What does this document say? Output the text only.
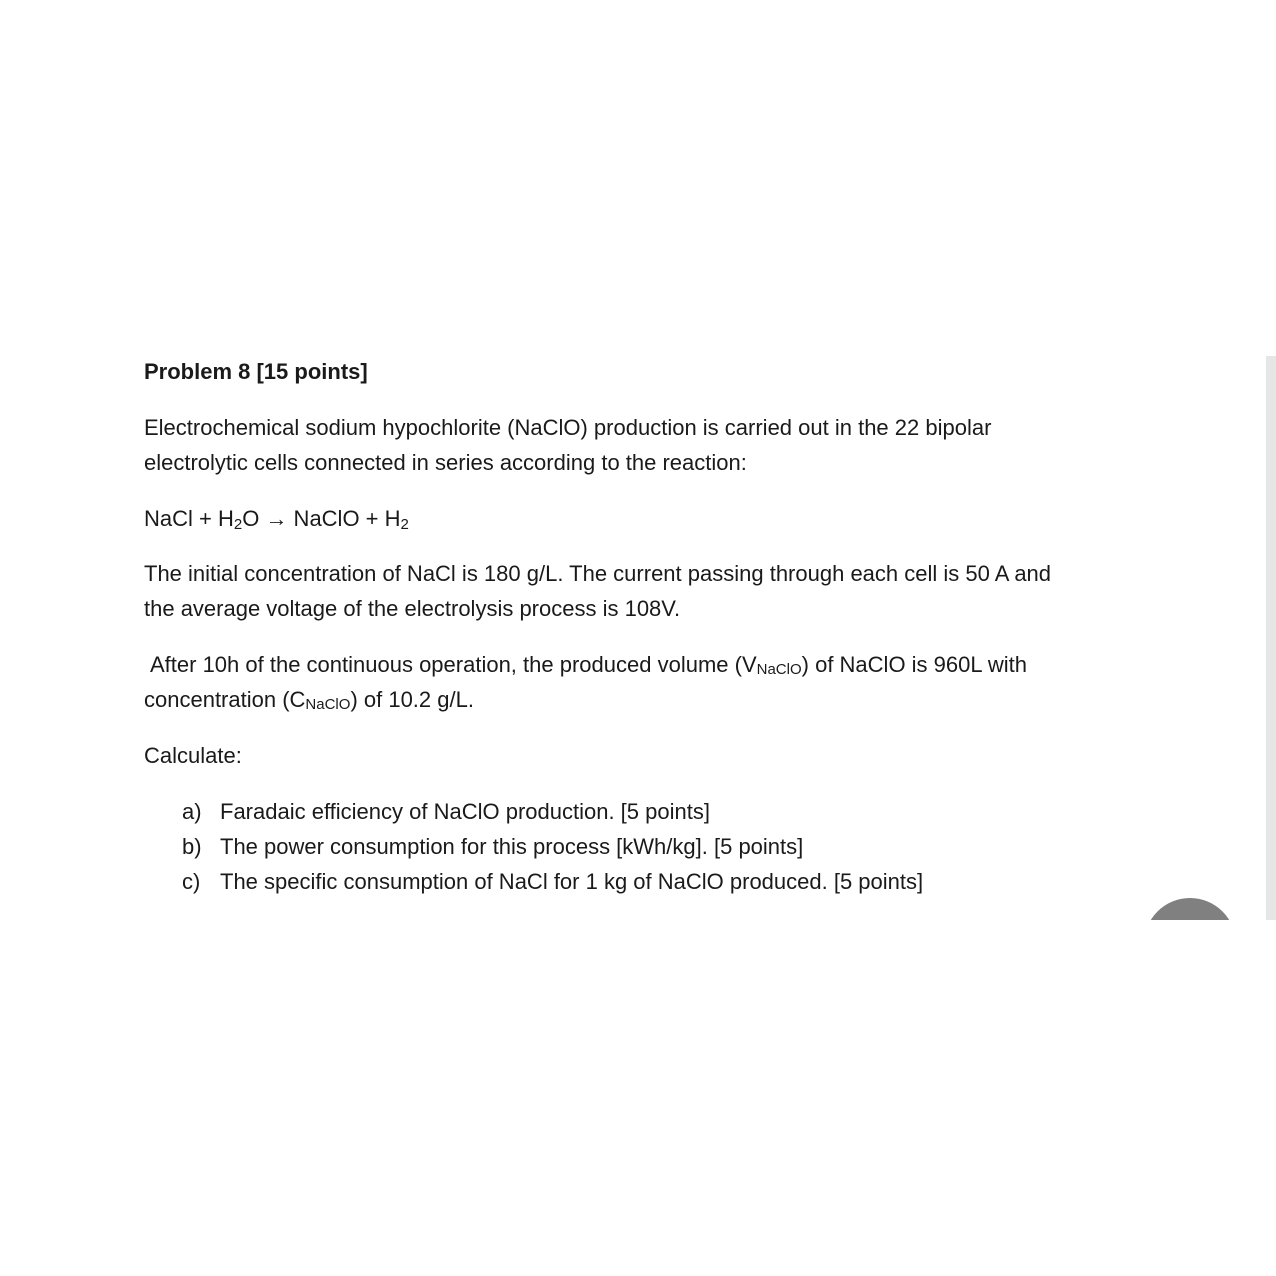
Problem 8 [15 points]
Electrochemical sodium hypochlorite (NaClO) production is carried out in the 22 bipolar
electrolytic cells connected in series according to the reaction:
NaCl + $H_2O$ → NaClO + $H_2$
The initial concentration of NaCl is 180 g/L. The current passing through each cell is 50 A and
the average voltage of the electrolysis process is 108V.
After 10h of the continuous operation, the produced volume (VNaClO) of NaClO is 960L with
concentration (CNaClO) of 10.2 g/L.
Calculate:
a) Faradaic efficiency of NaClO production. [5 points]
b) The power consumption for this process [kWh/kg]. [5 points]
c) The specific consumption of NaCl for 1 kg of NaClO produced. [5 points]
